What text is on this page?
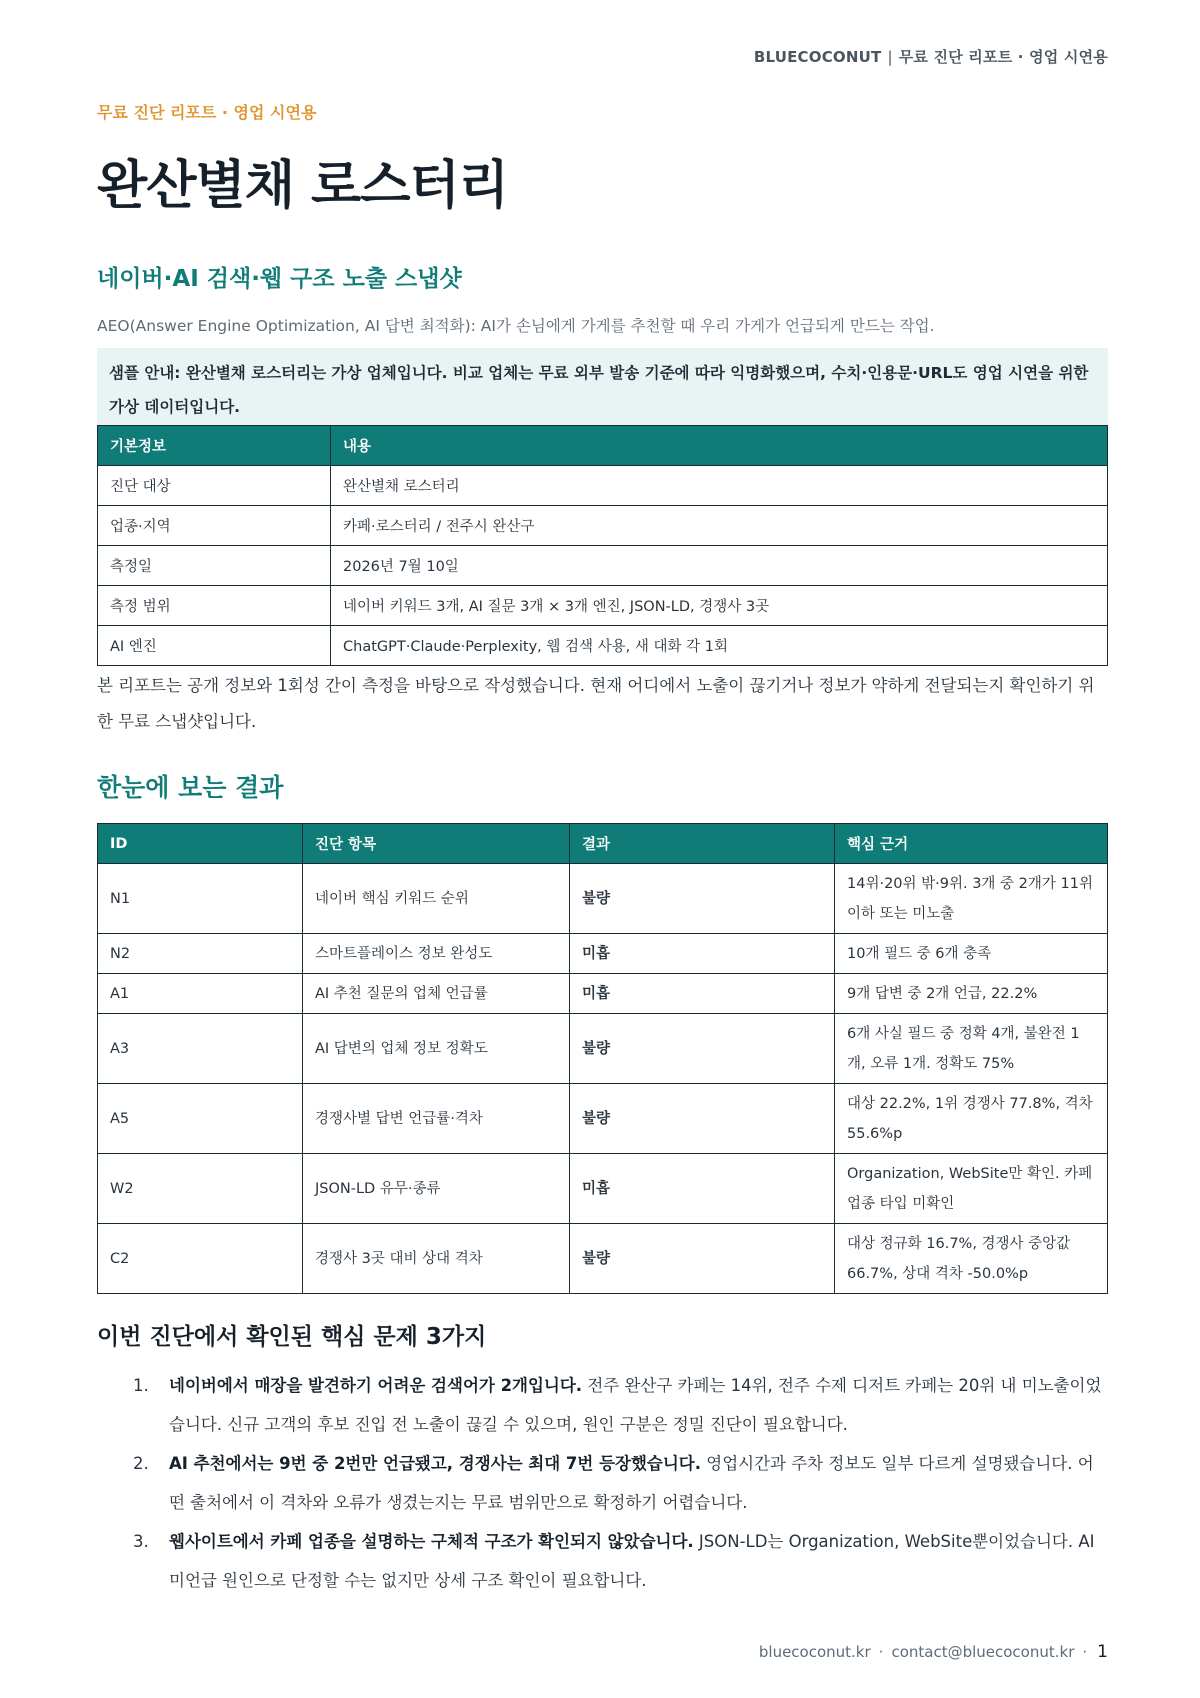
BLUECOCONUT | 무료 진단 리포트 · 영업 시연용
무료 진단 리포트 · 영업 시연용
완산별채 로스터리
네이버·AI 검색·웹 구조 노출 스냅샷

AEO(Answer Engine Optimization, AI 답변 최적화): AI가 손님에게 가게를 추천할 때 우리 가게가 언급되게 만드는 작업.

샘플 안내: 완산별채 로스터리는 가상 업체입니다. 비교 업체는 무료 외부 발송 기준에 따라 익명화했으며, 수치·인용문·URL도 영업 시연을 위한 가상 데이터입니다.
기본정보	내용
진단 대상	완산별채 로스터리
업종·지역	카페·로스터리 / 전주시 완산구
측정일	2026년 7월 10일
측정 범위	네이버 키워드 3개, AI 질문 3개 × 3개 엔진, JSON-LD, 경쟁사 3곳
AI 엔진	ChatGPT·Claude·Perplexity, 웹 검색 사용, 새 대화 각 1회

본 리포트는 공개 정보와 1회성 간이 측정을 바탕으로 작성했습니다. 현재 어디에서 노출이 끊기거나 정보가 약하게 전달되는지 확인하기 위한 무료 스냅샷입니다.

한눈에 보는 결과
ID	진단 항목	결과	핵심 근거
N1	네이버 핵심 키워드 순위	불량	14위·20위 밖·9위. 3개 중 2개가 11위 이하 또는 미노출
N2	스마트플레이스 정보 완성도	미흡	10개 필드 중 6개 충족
A1	AI 추천 질문의 업체 언급률	미흡	9개 답변 중 2개 언급, 22.2%
A3	AI 답변의 업체 정보 정확도	불량	6개 사실 필드 중 정확 4개, 불완전 1개, 오류 1개. 정확도 75%
A5	경쟁사별 답변 언급률·격차	불량	대상 22.2%, 1위 경쟁사 77.8%, 격차 55.6%p
W2	JSON-LD 유무·종류	미흡	Organization, WebSite만 확인. 카페 업종 타입 미확인
C2	경쟁사 3곳 대비 상대 격차	불량	대상 정규화 16.7%, 경쟁사 중앙값 66.7%, 상대 격차 -50.0%p
이번 진단에서 확인된 핵심 문제 3가지
1. 네이버에서 매장을 발견하기 어려운 검색어가 2개입니다. 전주 완산구 카페는 14위, 전주 수제 디저트 카페는 20위 내 미노출이었습니다. 신규 고객의 후보 진입 전 노출이 끊길 수 있으며, 원인 구분은 정밀 진단이 필요합니다.
2. AI 추천에서는 9번 중 2번만 언급됐고, 경쟁사는 최대 7번 등장했습니다. 영업시간과 주차 정보도 일부 다르게 설명됐습니다. 어떤 출처에서 이 격차와 오류가 생겼는지는 무료 범위만으로 확정하기 어렵습니다.
3. 웹사이트에서 카페 업종을 설명하는 구체적 구조가 확인되지 않았습니다. JSON-LD는 Organization, WebSite뿐이었습니다. AI 미언급 원인으로 단정할 수는 없지만 상세 구조 확인이 필요합니다.
bluecoconut.kr · contact@bluecoconut.kr · 1
